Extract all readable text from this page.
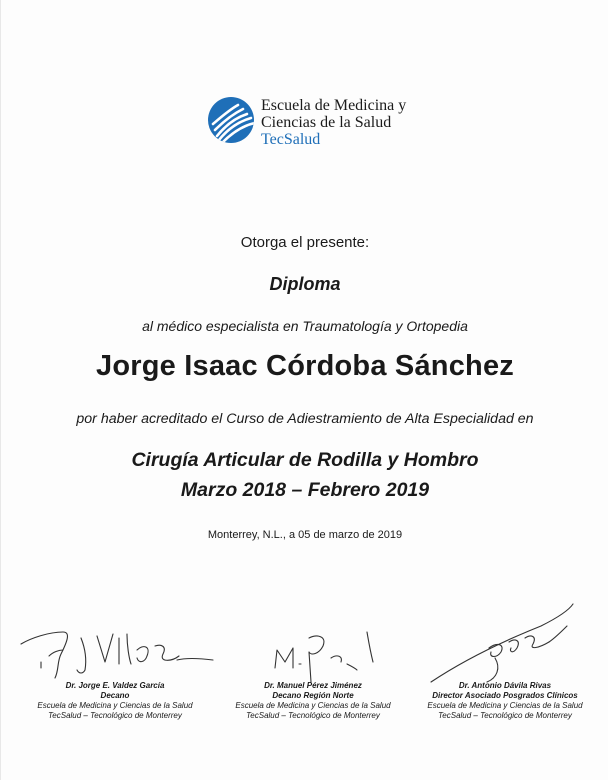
Escuela de Medicina y
Ciencias de la Salud
TecSalud
Otorga el presente:
Diploma
al médico especialista en Traumatología y Ortopedia
Jorge Isaac Córdoba Sánchez
por haber acreditado el Curso de Adiestramiento de Alta Especialidad en
Cirugía Articular de Rodilla y Hombro
Marzo 2018 – Febrero 2019
Monterrey, N.L., a 05 de marzo de 2019
Dr. Jorge E. Valdez García
Decano
Escuela de Medicina y Ciencias de la Salud
TecSalud – Tecnológico de Monterrey
Dr. Manuel Pérez Jiménez
Decano Región Norte
Escuela de Medicina y Ciencias de la Salud
TecSalud – Tecnológico de Monterrey
Dr. Antonio Dávila Rivas
Director Asociado Posgrados Clínicos
Escuela de Medicina y Ciencias de la Salud
TecSalud – Tecnológico de Monterrey
